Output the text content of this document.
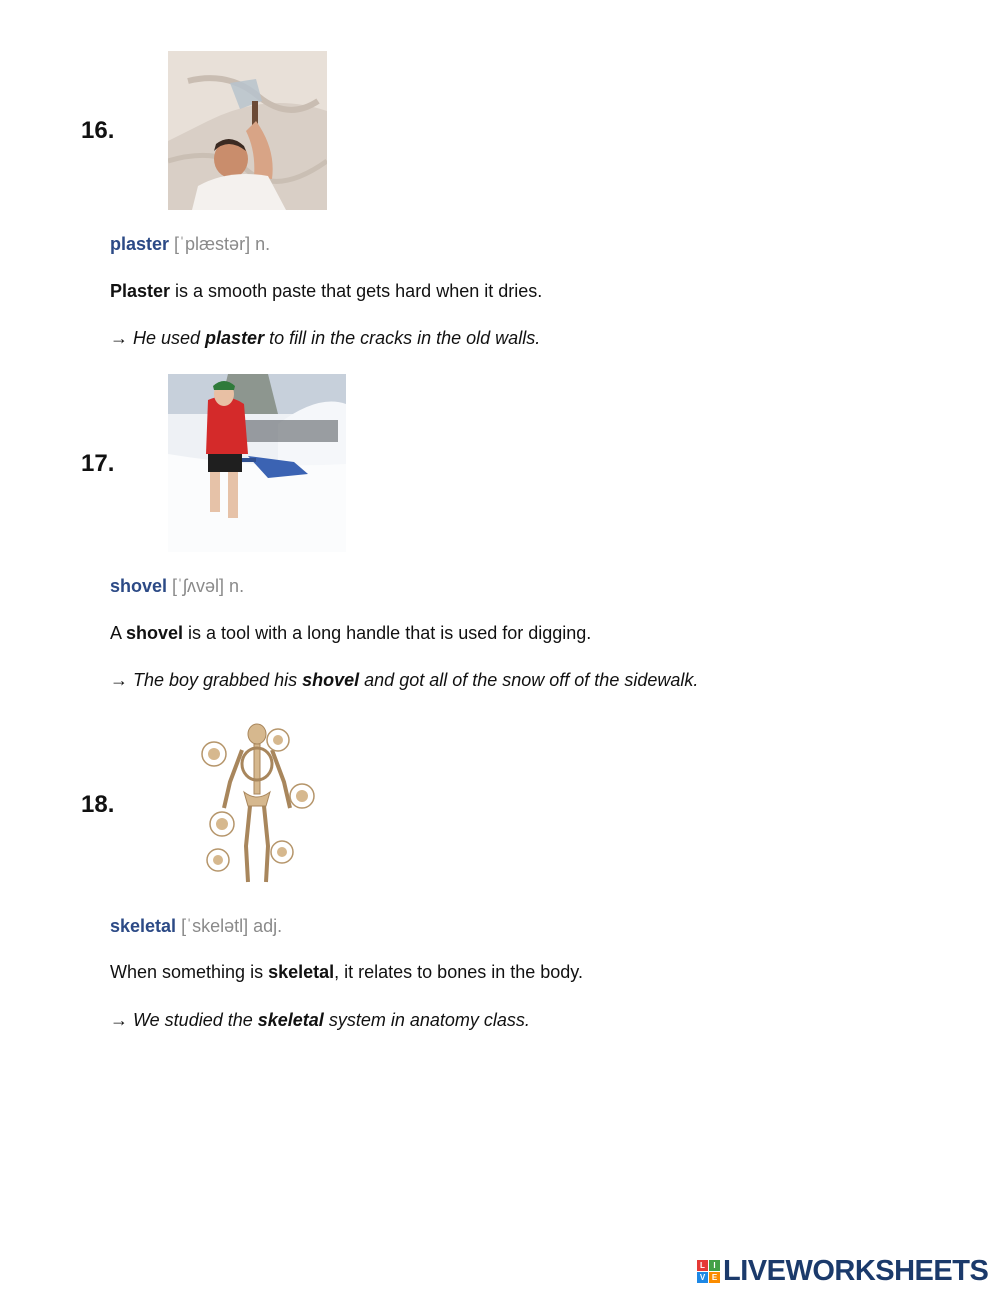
16.
plaster [ˈplæstər] n.
Plaster is a smooth paste that gets hard when it dries.
→ He used plaster to fill in the cracks in the old walls.
17.
shovel [ˈʃʌvəl] n.
A shovel is a tool with a long handle that is used for digging.
→ The boy grabbed his shovel and got all of the snow off of the sidewalk.
18.
skeletal [ˈskelətl] adj.
When something is skeletal, it relates to bones in the body.
→ We studied the skeletal system in anatomy class.
L	I
V E LIVEWORKSHEETS
